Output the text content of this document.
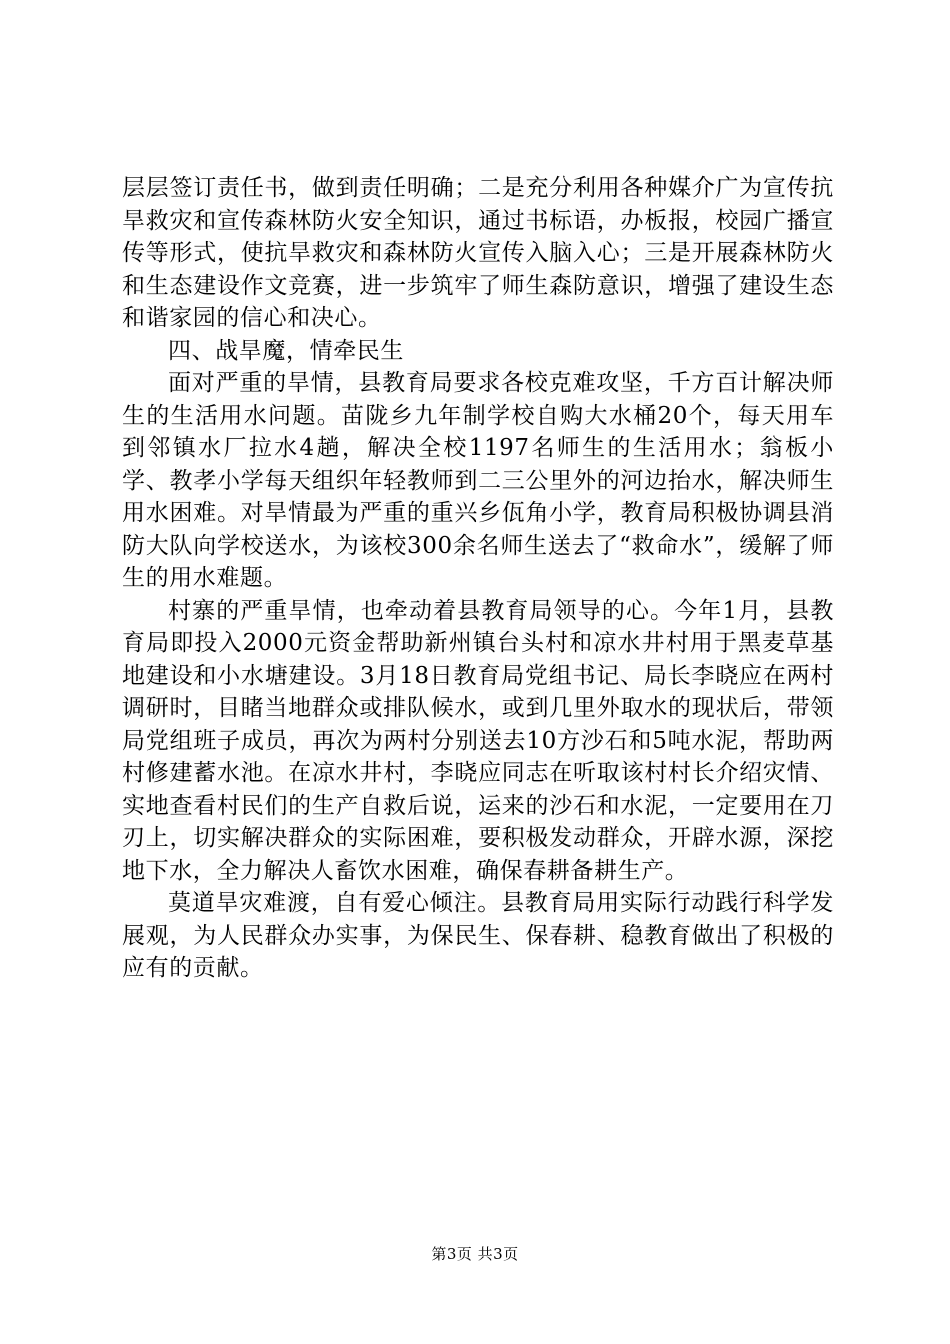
层层签订责任书，做到责任明确；二是充分利用各种媒介广为宣传抗旱救灾和宣传森林防火安全知识，通过书标语，办板报，校园广播宣传等形式，使抗旱救灾和森林防火宣传入脑入心；三是开展森林防火和生态建设作文竞赛，进一步筑牢了师生森防意识，增强了建设生态和谐家园的信心和决心。

四、战旱魔，情牵民生

面对严重的旱情，县教育局要求各校克难攻坚，千方百计解决师生的生活用水问题。苗陇乡九年制学校自购大水桶20个，每天用车到邻镇水厂拉水4趟，解决全校1197名师生的生活用水；翁板小学、教孝小学每天组织年轻教师到二三公里外的河边抬水，解决师生用水困难。对旱情最为严重的重兴乡佤角小学，教育局积极协调县消防大队向学校送水，为该校300余名师生送去了“救命水”，缓解了师生的用水难题。

村寨的严重旱情，也牵动着县教育局领导的心。今年1月，县教育局即投入2000元资金帮助新州镇台头村和凉水井村用于黑麦草基地建设和小水塘建设。3月18日教育局党组书记、局长李晓应在两村调研时，目睹当地群众或排队候水，或到几里外取水的现状后，带领局党组班子成员，再次为两村分别送去10方沙石和5吨水泥，帮助两村修建蓄水池。在凉水井村，李晓应同志在听取该村村长介绍灾情、实地查看村民们的生产自救后说，运来的沙石和水泥，一定要用在刀刃上，切实解决群众的实际困难，要积极发动群众，开辟水源，深挖地下水，全力解决人畜饮水困难，确保春耕备耕生产。

莫道旱灾难渡，自有爱心倾注。县教育局用实际行动践行科学发展观，为人民群众办实事，为保民生、保春耕、稳教育做出了积极的应有的贡献。

第3页 共3页
